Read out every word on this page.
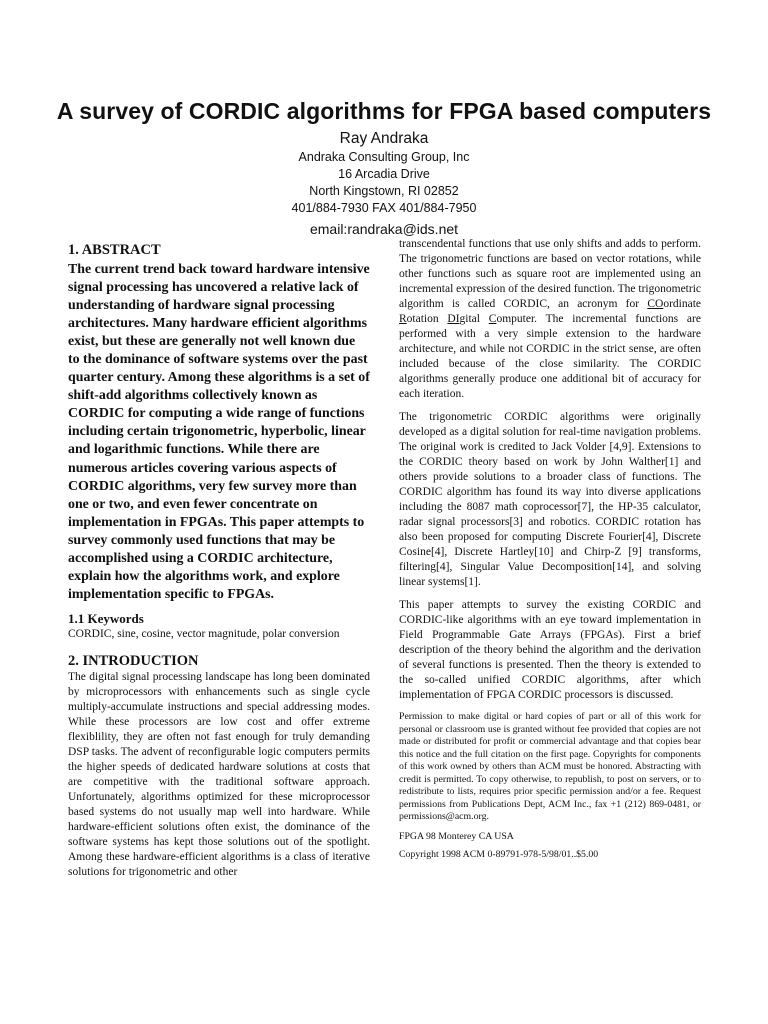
A survey of CORDIC algorithms for FPGA based computers
Ray Andraka
Andraka Consulting Group, Inc
16 Arcadia Drive
North Kingstown, RI 02852
401/884-7930 FAX 401/884-7950
email:randraka@ids.net
1. ABSTRACT

The current trend back toward hardware intensive signal processing has uncovered a relative lack of understanding of hardware signal processing architectures. Many hardware efficient algorithms exist, but these are generally not well known due to the dominance of software systems over the past quarter century. Among these algorithms is a set of shift-add algorithms collectively known as CORDIC for computing a wide range of functions including certain trigonometric, hyperbolic, linear and logarithmic functions. While there are numerous articles covering various aspects of CORDIC algorithms, very few survey more than one or two, and even fewer concentrate on implementation in FPGAs. This paper attempts to survey commonly used functions that may be accomplished using a CORDIC architecture, explain how the algorithms work, and explore implementation specific to FPGAs.

1.1 Keywords

CORDIC, sine, cosine, vector magnitude, polar conversion

2. INTRODUCTION

The digital signal processing landscape has long been dominated by microprocessors with enhancements such as single cycle multiply-accumulate instructions and special addressing modes. While these processors are low cost and offer extreme flexiblility, they are often not fast enough for truly demanding DSP tasks. The advent of reconfigurable logic computers permits the higher speeds of dedicated hardware solutions at costs that are competitive with the traditional software approach. Unfortunately, algorithms optimized for these microprocessor based systems do not usually map well into hardware. While hardware-efficient solutions often exist, the dominance of the software systems has kept those solutions out of the spotlight. Among these hardware-efficient algorithms is a class of iterative solutions for trigonometric and other

transcendental functions that use only shifts and adds to perform. The trigonometric functions are based on vector rotations, while other functions such as square root are implemented using an incremental expression of the desired function. The trigonometric algorithm is called CORDIC, an acronym for COordinate Rotation DIgital Computer. The incremental functions are performed with a very simple extension to the hardware architecture, and while not CORDIC in the strict sense, are often included because of the close similarity. The CORDIC algorithms generally produce one additional bit of accuracy for each iteration.

The trigonometric CORDIC algorithms were originally developed as a digital solution for real-time navigation problems. The original work is credited to Jack Volder [4,9]. Extensions to the CORDIC theory based on work by John Walther[1] and others provide solutions to a broader class of functions. The CORDIC algorithm has found its way into diverse applications including the 8087 math coprocessor[7], the HP-35 calculator, radar signal processors[3] and robotics. CORDIC rotation has also been proposed for computing Discrete Fourier[4], Discrete Cosine[4], Discrete Hartley[10] and Chirp-Z [9] transforms, filtering[4], Singular Value Decomposition[14], and solving linear systems[1].

This paper attempts to survey the existing CORDIC and CORDIC-like algorithms with an eye toward implementation in Field Programmable Gate Arrays (FPGAs). First a brief description of the theory behind the algorithm and the derivation of several functions is presented. Then the theory is extended to the so-called unified CORDIC algorithms, after which implementation of FPGA CORDIC processors is discussed.

Permission to make digital or hard copies of part or all of this work for personal or classroom use is granted without fee provided that copies are not made or distributed for profit or commercial advantage and that copies bear this notice and the full citation on the first page. Copyrights for components of this work owned by others than ACM must be honored. Abstracting with credit is permitted. To copy otherwise, to republish, to post on servers, or to redistribute to lists, requires prior specific permission and/or a fee. Request permissions from Publications Dept, ACM Inc., fax +1 (212) 869-0481, or permissions@acm.org.

FPGA 98 Monterey CA USA

Copyright 1998 ACM 0-89791-978-5/98/01..$5.00
